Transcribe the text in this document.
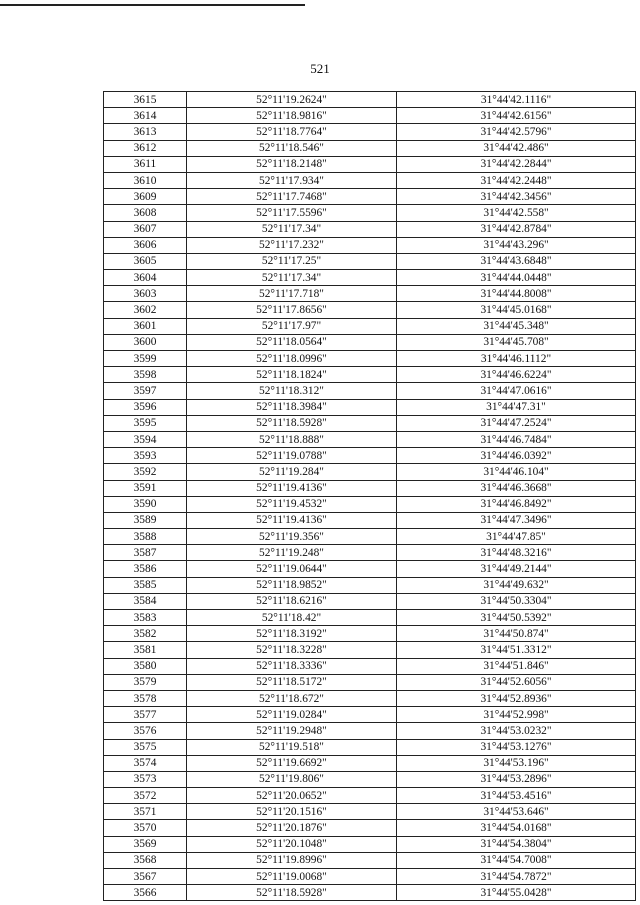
521
3615	52°11'19.2624"	31°44'42.1116"
3614	52°11'18.9816"	31°44'42.6156"
3613	52°11'18.7764"	31°44'42.5796"
3612	52°11'18.546"	31°44'42.486"
3611	52°11'18.2148"	31°44'42.2844"
3610	52°11'17.934"	31°44'42.2448"
3609	52°11'17.7468"	31°44'42.3456"
3608	52°11'17.5596"	31°44'42.558"
3607	52°11'17.34"	31°44'42.8784"
3606	52°11'17.232"	31°44'43.296"
3605	52°11'17.25"	31°44'43.6848"
3604	52°11'17.34"	31°44'44.0448"
3603	52°11'17.718"	31°44'44.8008"
3602	52°11'17.8656"	31°44'45.0168"
3601	52°11'17.97"	31°44'45.348"
3600	52°11'18.0564"	31°44'45.708"
3599	52°11'18.0996"	31°44'46.1112"
3598	52°11'18.1824"	31°44'46.6224"
3597	52°11'18.312"	31°44'47.0616"
3596	52°11'18.3984"	31°44'47.31"
3595	52°11'18.5928"	31°44'47.2524"
3594	52°11'18.888"	31°44'46.7484"
3593	52°11'19.0788"	31°44'46.0392"
3592	52°11'19.284"	31°44'46.104"
3591	52°11'19.4136"	31°44'46.3668"
3590	52°11'19.4532"	31°44'46.8492"
3589	52°11'19.4136"	31°44'47.3496"
3588	52°11'19.356"	31°44'47.85"
3587	52°11'19.248"	31°44'48.3216"
3586	52°11'19.0644"	31°44'49.2144"
3585	52°11'18.9852"	31°44'49.632"
3584	52°11'18.6216"	31°44'50.3304"
3583	52°11'18.42"	31°44'50.5392"
3582	52°11'18.3192"	31°44'50.874"
3581	52°11'18.3228"	31°44'51.3312"
3580	52°11'18.3336"	31°44'51.846"
3579	52°11'18.5172"	31°44'52.6056"
3578	52°11'18.672"	31°44'52.8936"
3577	52°11'19.0284"	31°44'52.998"
3576	52°11'19.2948"	31°44'53.0232"
3575	52°11'19.518"	31°44'53.1276"
3574	52°11'19.6692"	31°44'53.196"
3573	52°11'19.806"	31°44'53.2896"
3572	52°11'20.0652"	31°44'53.4516"
3571	52°11'20.1516"	31°44'53.646"
3570	52°11'20.1876"	31°44'54.0168"
3569	52°11'20.1048"	31°44'54.3804"
3568	52°11'19.8996"	31°44'54.7008"
3567	52°11'19.0068"	31°44'54.7872"
3566	52°11'18.5928"	31°44'55.0428"
